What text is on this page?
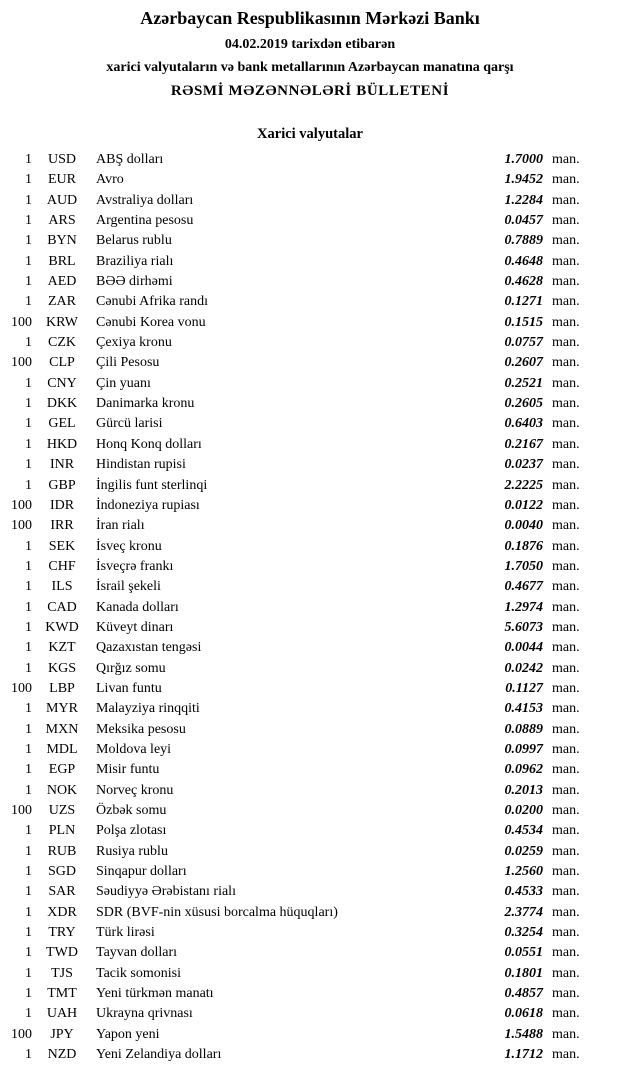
Azərbaycan Respublikasının Mərkəzi Bankı
04.02.2019 tarixdən etibarən
xarici valyutaların və bank metallarının Azərbaycan manatına qarşı
RƏSMİ MƏZƏNNƏLƏRİ BÜLLETENİ
Xarici valyutalar
1	USD	ABŞ dolları	1.7000 man.
1	EUR	Avro	1.9452 man.
1	AUD	Avstraliya dolları	1.2284 man.
1	ARS	Argentina pesosu	0.0457 man.
1	BYN	Belarus rublu	0.7889 man.
1	BRL	Braziliya rialı	0.4648 man.
1	AED	BƏƏ dirhəmi	0.4628 man.
1	ZAR	Cənubi Afrika randı	0.1271 man.
100	KRW	Cənubi Korea vonu	0.1515 man.
1	CZK	Çexiya kronu	0.0757 man.
100	CLP	Çili Pesosu	0.2607 man.
1	CNY	Çin yuanı	0.2521 man.
1	DKK	Danimarka kronu	0.2605 man.
1	GEL	Gürcü larisi	0.6403 man.
1	HKD	Honq Konq dolları	0.2167 man.
1	INR	Hindistan rupisi	0.0237 man.
1	GBP	İngilis funt sterlinqi	2.2225 man.
100	IDR	İndoneziya rupiası	0.0122 man.
100	IRR	İran rialı	0.0040 man.
1	SEK	İsveç kronu	0.1876 man.
1	CHF	İsveçrə frankı	1.7050 man.
1	ILS	İsrail şekeli	0.4677 man.
1	CAD	Kanada dolları	1.2974 man.
1 KWD	Küveyt dinarı	5.6073 man.
1	KZT	Qazaxıstan tengəsi	0.0044 man.
1	KGS	Qırğız somu	0.0242 man.
100	LBP	Livan funtu	0.1127 man.
1	MYR	Malayziya rinqqiti	0.4153 man.
1 MXN	Meksika pesosu	0.0889 man.
1	MDL	Moldova leyi	0.0997 man.
1	EGP	Misir funtu	0.0962 man.
1	NOK	Norveç kronu	0.2013 man.
100	UZS	Özbək somu	0.0200 man.
1	PLN	Polşa zlotası	0.4534 man.
1	RUB	Rusiya rublu	0.0259 man.
1	SGD	Sinqapur dolları	1.2560 man.
1	SAR	Səudiyyə Ərəbistanı rialı	0.4533 man.
1	XDR	SDR (BVF-nin xüsusi borcalma hüquqları)	2.3774 man.
1	TRY	Türk lirəsi	0.3254 man.
1	TWD	Tayvan dolları	0.0551 man.
1	TJS	Tacik somonisi	0.1801 man.
1	TMT	Yeni türkmən manatı	0.4857 man.
1	UAH	Ukrayna qrivnası	0.0618 man.
100	JPY	Yapon yeni	1.5488 man.
1	NZD	Yeni Zelandiya dolları	1.1712 man.
